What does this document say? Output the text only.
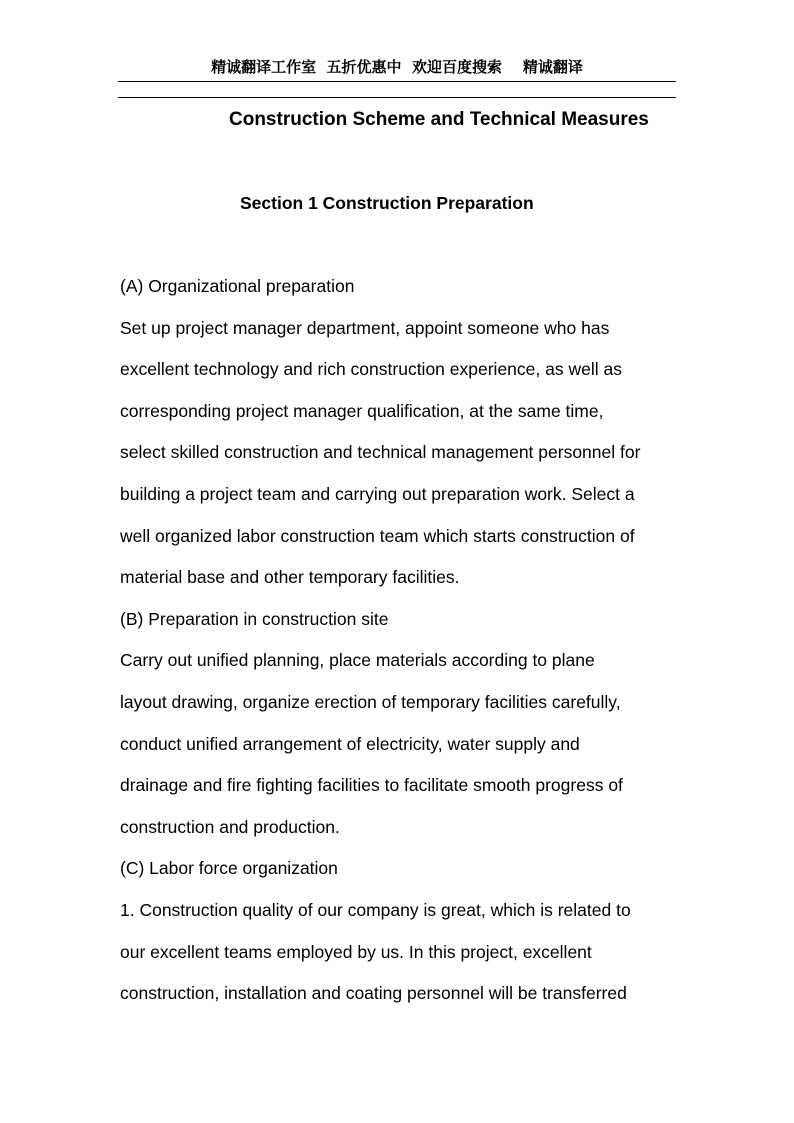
精诚翻译工作室  五折优惠中  欢迎百度搜索    精诚翻译
Construction Scheme and Technical Measures
Section 1 Construction Preparation
(A) Organizational preparation
Set up project manager department, appoint someone who has
excellent technology and rich construction experience, as well as
corresponding project manager qualification, at the same time,
select skilled construction and technical management personnel for
building a project team and carrying out preparation work. Select a
well organized labor construction team which starts construction of
material base and other temporary facilities.
(B) Preparation in construction site
Carry out unified planning, place materials according to plane
layout drawing, organize erection of temporary facilities carefully,
conduct unified arrangement of electricity, water supply and
drainage and fire fighting facilities to facilitate smooth progress of
construction and production.
(C) Labor force organization
1. Construction quality of our company is great, which is related to
our excellent teams employed by us. In this project, excellent
construction, installation and coating personnel will be transferred
